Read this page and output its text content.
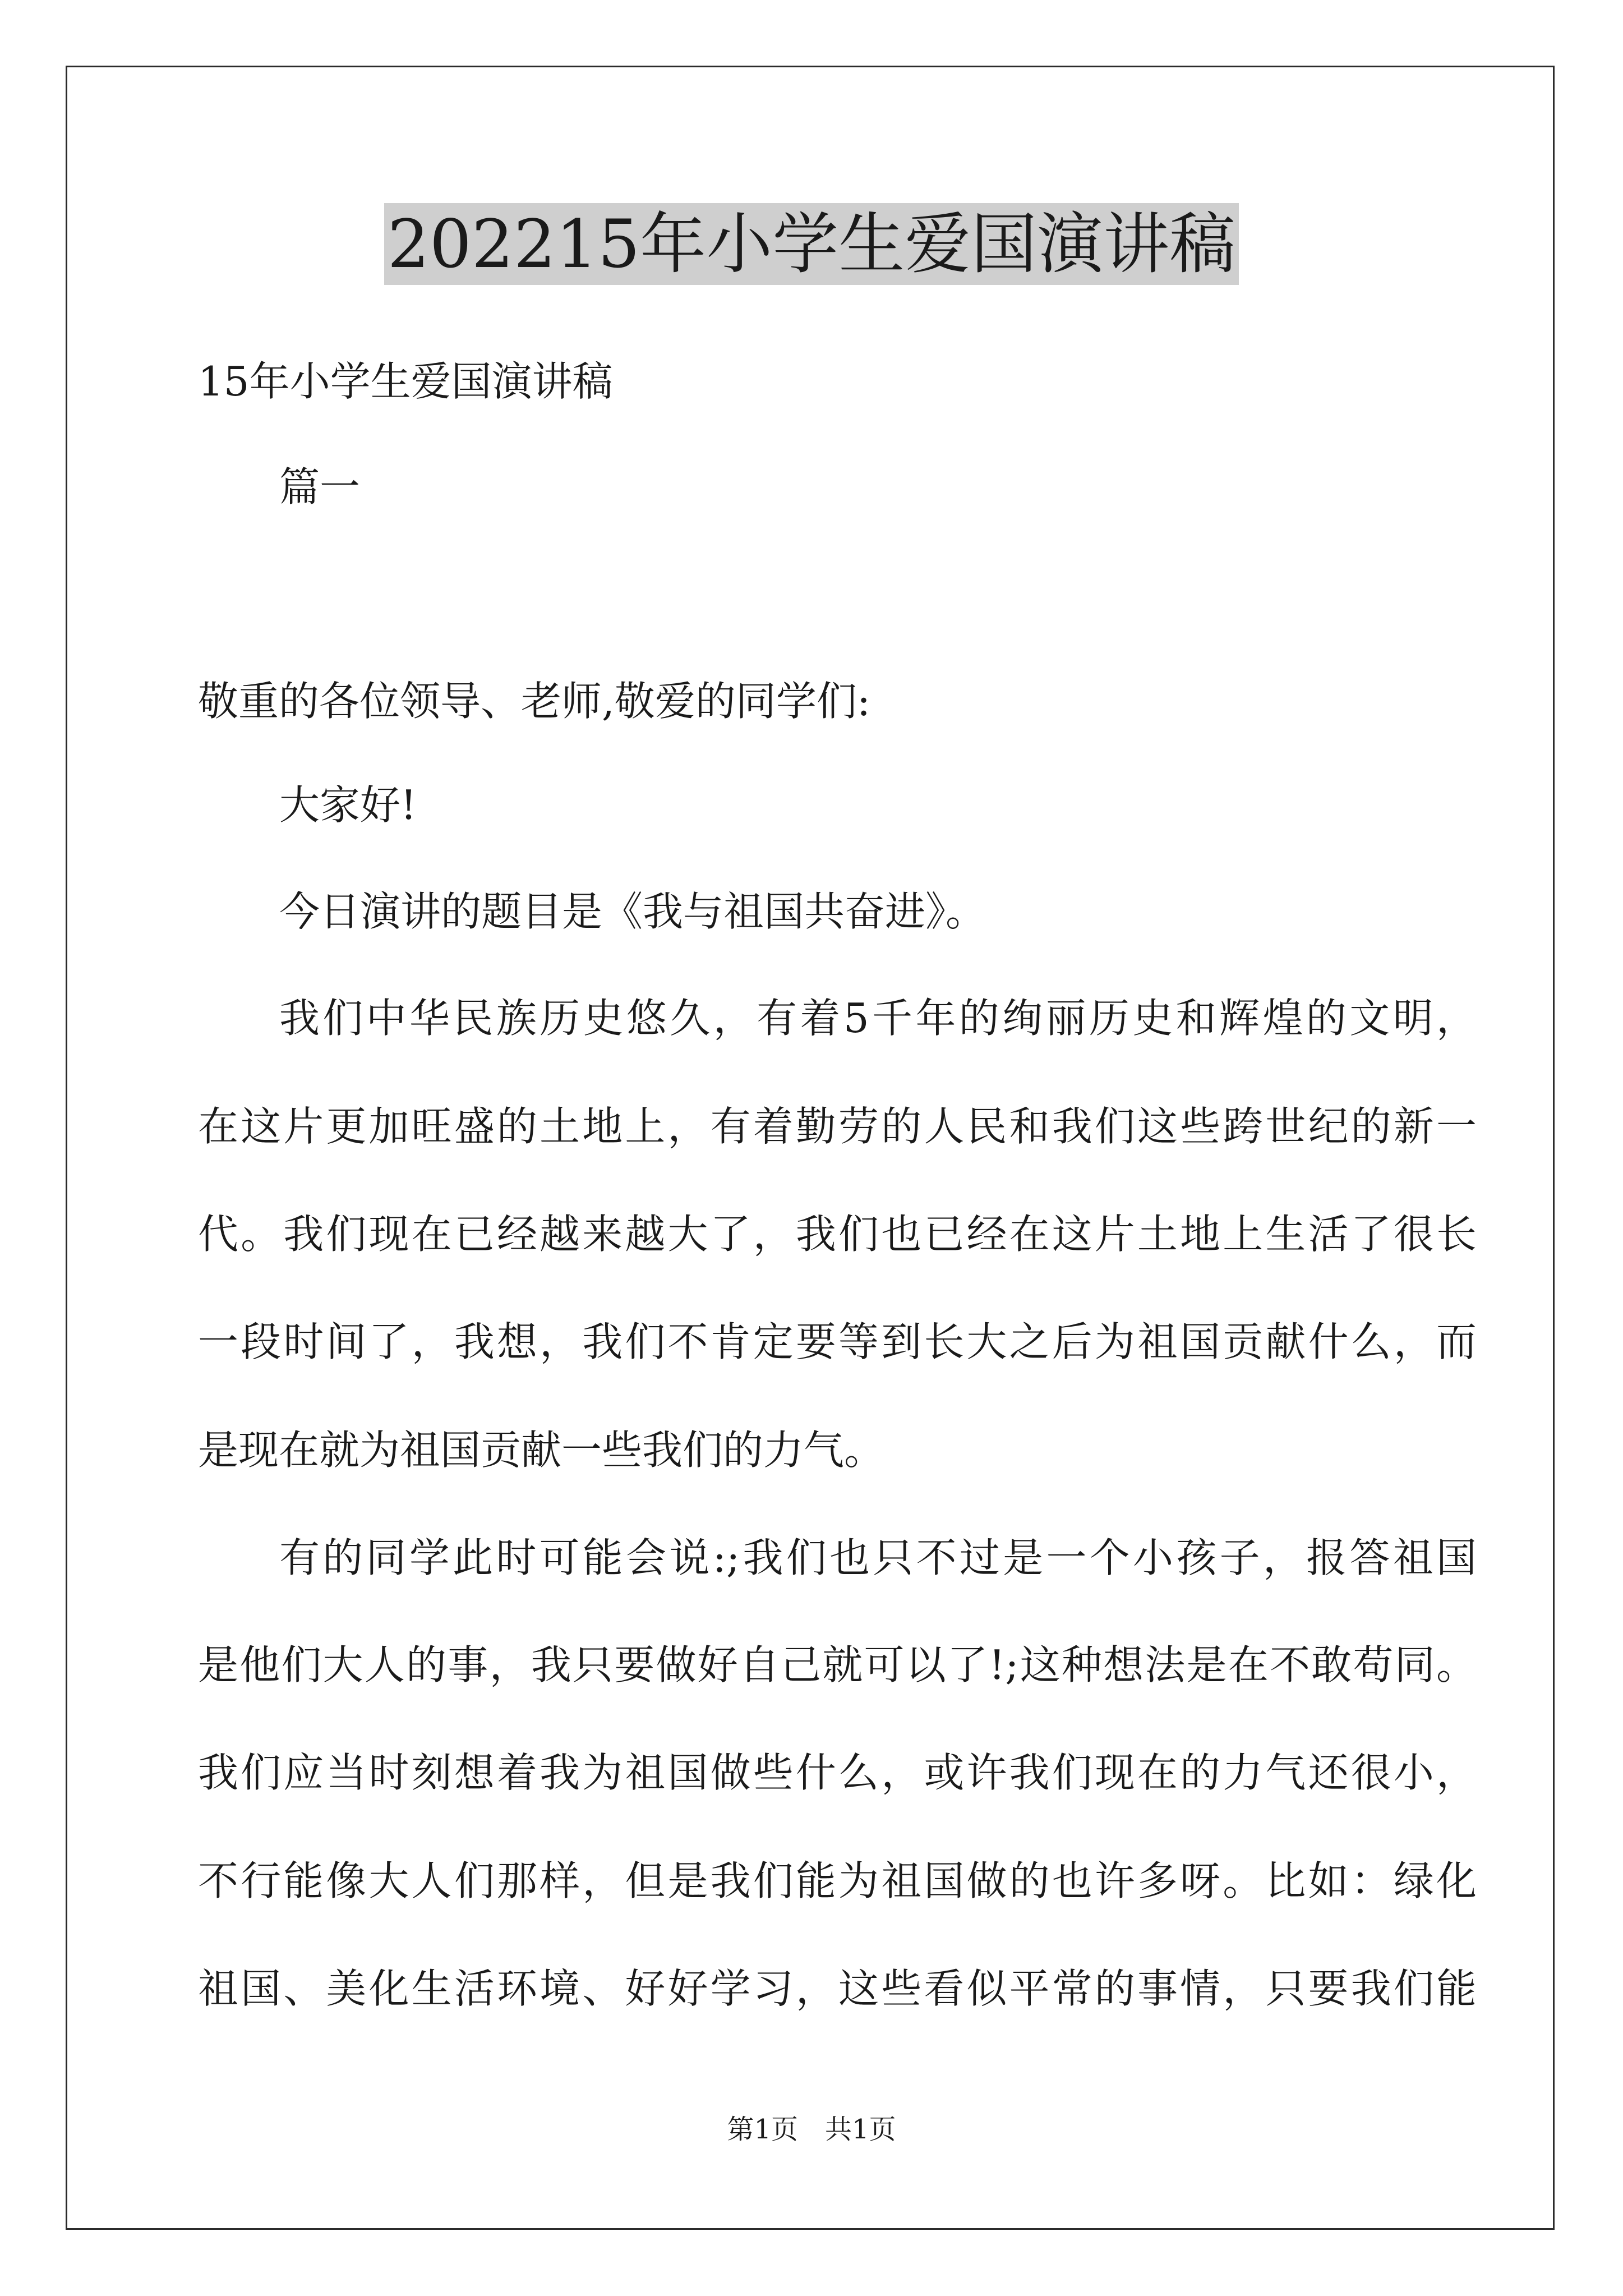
202215年小学生爱国演讲稿

15年小学生爱国演讲稿

篇一

敬重的各位领导、老师,敬爱的同学们:

大家好!

今日演讲的题目是《我与祖国共奋进》。

我们中华民族历史悠久，有着5千年的绚丽历史和辉煌的文明，

在这片更加旺盛的土地上，有着勤劳的人民和我们这些跨世纪的新一

代。我们现在已经越来越大了，我们也已经在这片土地上生活了很长

一段时间了，我想，我们不肯定要等到长大之后为祖国贡献什么，而

是现在就为祖国贡献一些我们的力气。

有的同学此时可能会说:;我们也只不过是一个小孩子，报答祖国

是他们大人的事，我只要做好自己就可以了!;这种想法是在不敢苟同。

我们应当时刻想着我为祖国做些什么，或许我们现在的力气还很小，

不行能像大人们那样，但是我们能为祖国做的也许多呀。比如：绿化

祖国、美化生活环境、好好学习，这些看似平常的事情，只要我们能

第1页　共1页
